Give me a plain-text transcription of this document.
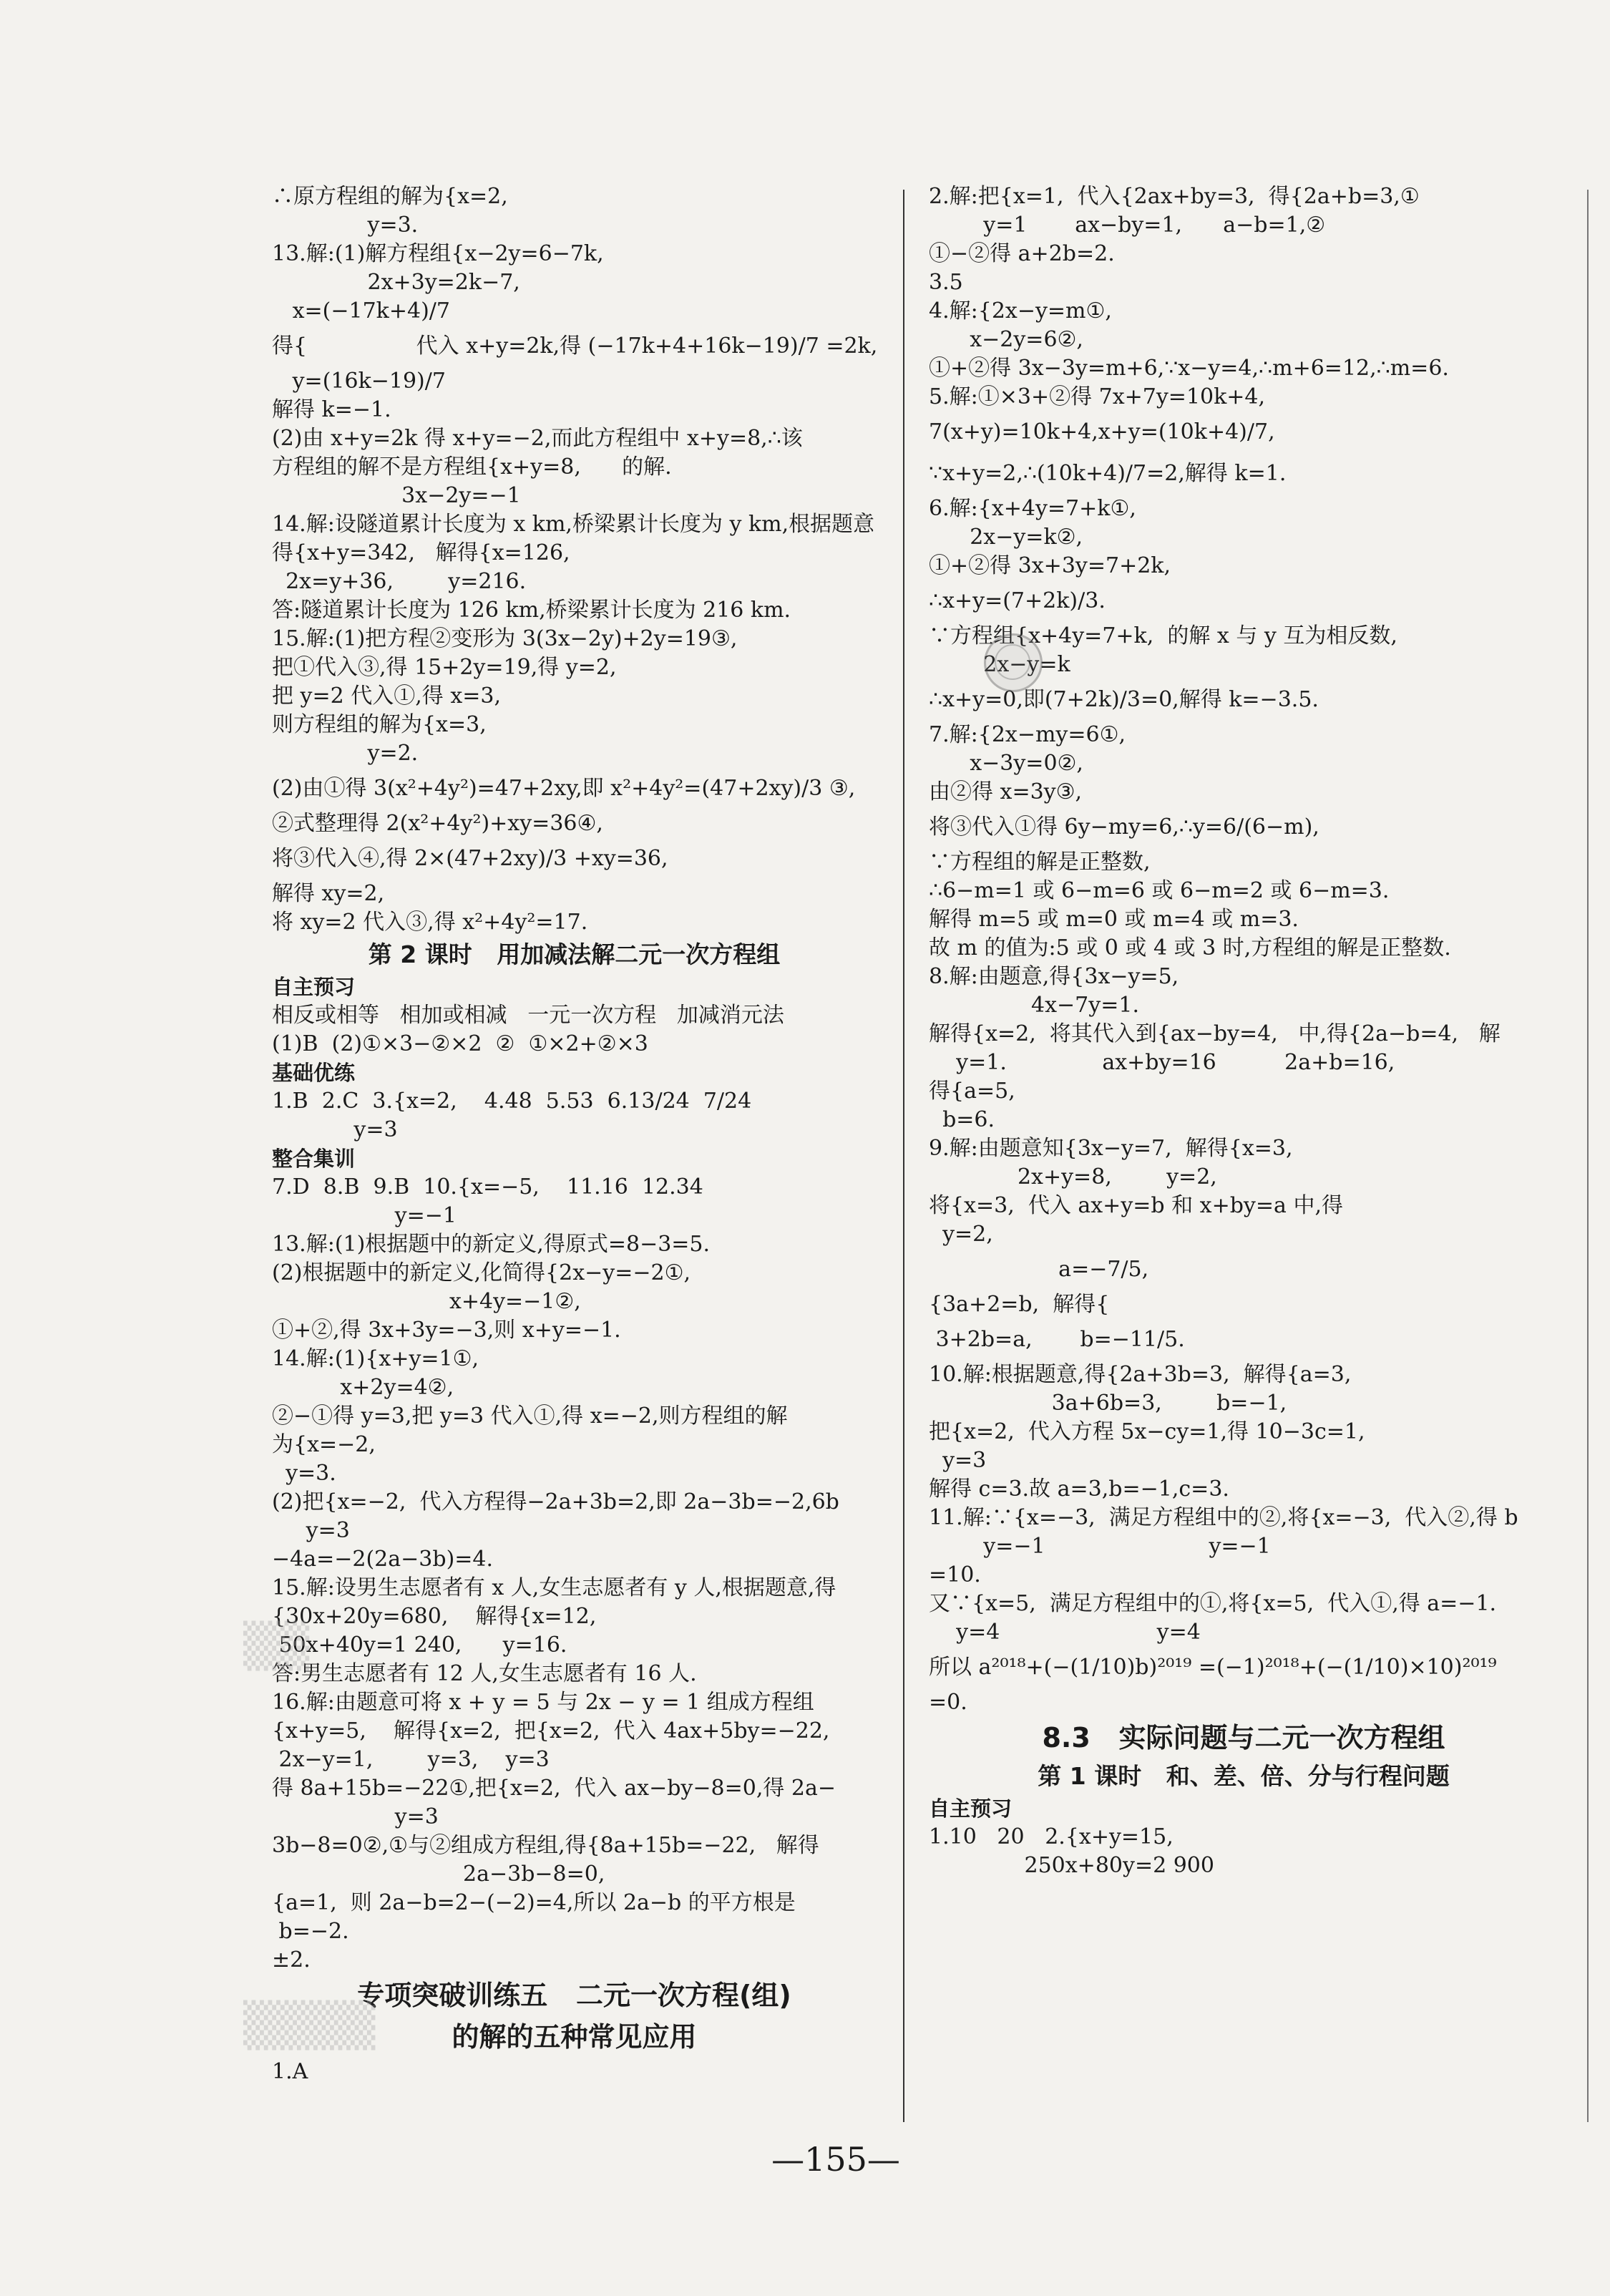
∴原方程组的解为{x=2,
y=3.
13.解:(1)解方程组{x−2y=6−7k,
2x+3y=2k−7,
x=(−17k+4)/7
得{                代入 x+y=2k,得 (−17k+4+16k−19)/7 =2k,
y=(16k−19)/7
解得 k=−1.
(2)由 x+y=2k 得 x+y=−2,而此方程组中 x+y=8,∴该
方程组的解不是方程组{x+y=8,      的解.
3x−2y=−1
14.解:设隧道累计长度为 x km,桥梁累计长度为 y km,根据题意
得{x+y=342,   解得{x=126,
2x=y+36,        y=216.
答:隧道累计长度为 126 km,桥梁累计长度为 216 km.
15.解:(1)把方程②变形为 3(3x−2y)+2y=19③,
把①代入③,得 15+2y=19,得 y=2,
把 y=2 代入①,得 x=3,
则方程组的解为{x=3,
y=2.
(2)由①得 3(x²+4y²)=47+2xy,即 x²+4y²=(47+2xy)/3 ③,
②式整理得 2(x²+4y²)+xy=36④,
将③代入④,得 2×(47+2xy)/3 +xy=36,
解得 xy=2,
将 xy=2 代入③,得 x²+4y²=17.
第 2 课时   用加减法解二元一次方程组
自主预习
相反或相等   相加或相减   一元一次方程   加减消元法
(1)B  (2)①×3−②×2  ②  ①×2+②×3
基础优练
1.B  2.C  3.{x=2,    4.48  5.53  6.13/24  7/24
y=3
整合集训
7.D  8.B  9.B  10.{x=−5,    11.16  12.34
y=−1
13.解:(1)根据题中的新定义,得原式=8−3=5.
(2)根据题中的新定义,化简得{2x−y=−2①,
x+4y=−1②,
①+②,得 3x+3y=−3,则 x+y=−1.
14.解:(1){x+y=1①,
x+2y=4②,
②−①得 y=3,把 y=3 代入①,得 x=−2,则方程组的解
为{x=−2,
y=3.
(2)把{x=−2,  代入方程得−2a+3b=2,即 2a−3b=−2,6b
y=3
−4a=−2(2a−3b)=4.
15.解:设男生志愿者有 x 人,女生志愿者有 y 人,根据题意,得
{30x+20y=680,    解得{x=12,
50x+40y=1 240,      y=16.
答:男生志愿者有 12 人,女生志愿者有 16 人.
16.解:由题意可将 x + y = 5 与 2x − y = 1 组成方程组
{x+y=5,    解得{x=2,  把{x=2,  代入 4ax+5by=−22,
2x−y=1,        y=3,    y=3
得 8a+15b=−22①,把{x=2,  代入 ax−by−8=0,得 2a−
y=3
3b−8=0②,①与②组成方程组,得{8a+15b=−22,   解得
2a−3b−8=0,
{a=1,  则 2a−b=2−(−2)=4,所以 2a−b 的平方根是
b=−2.
±2.
专项突破训练五   二元一次方程(组)
的解的五种常见应用
1.A
2.解:把{x=1,  代入{2ax+by=3,  得{2a+b=3,①
y=1       ax−by=1,      a−b=1,②
①−②得 a+2b=2.
3.5
4.解:{2x−y=m①,
x−2y=6②,
①+②得 3x−3y=m+6,∵x−y=4,∴m+6=12,∴m=6.
5.解:①×3+②得 7x+7y=10k+4,
7(x+y)=10k+4,x+y=(10k+4)/7,
∵x+y=2,∴(10k+4)/7=2,解得 k=1.
6.解:{x+4y=7+k①,
2x−y=k②,
①+②得 3x+3y=7+2k,
∴x+y=(7+2k)/3.
∵方程组{x+4y=7+k,  的解 x 与 y 互为相反数,
2x−y=k
∴x+y=0,即(7+2k)/3=0,解得 k=−3.5.
7.解:{2x−my=6①,
x−3y=0②,
由②得 x=3y③,
将③代入①得 6y−my=6,∴y=6/(6−m),
∵方程组的解是正整数,
∴6−m=1 或 6−m=6 或 6−m=2 或 6−m=3.
解得 m=5 或 m=0 或 m=4 或 m=3.
故 m 的值为:5 或 0 或 4 或 3 时,方程组的解是正整数.
8.解:由题意,得{3x−y=5,
4x−7y=1.
解得{x=2,  将其代入到{ax−by=4,   中,得{2a−b=4,   解
y=1.              ax+by=16          2a+b=16,
得{a=5,
b=6.
9.解:由题意知{3x−y=7,  解得{x=3,
2x+y=8,        y=2,
将{x=3,  代入 ax+y=b 和 x+by=a 中,得
y=2,
a=−7/5,
{3a+2=b,  解得{
3+2b=a,       b=−11/5.
10.解:根据题意,得{2a+3b=3,  解得{a=3,
3a+6b=3,        b=−1,
把{x=2,  代入方程 5x−cy=1,得 10−3c=1,
y=3
解得 c=3.故 a=3,b=−1,c=3.
11.解:∵{x=−3,  满足方程组中的②,将{x=−3,  代入②,得 b
y=−1                        y=−1
=10.
又∵{x=5,  满足方程组中的①,将{x=5,  代入①,得 a=−1.
y=4                       y=4
所以 a²⁰¹⁸+(−(1/10)b)²⁰¹⁹ =(−1)²⁰¹⁸+(−(1/10)×10)²⁰¹⁹
=0.
8.3   实际问题与二元一次方程组
第 1 课时   和、差、倍、分与行程问题
自主预习
1.10   20   2.{x+y=15,
250x+80y=2 900
▒▒
▒▒▒▒
—155—
